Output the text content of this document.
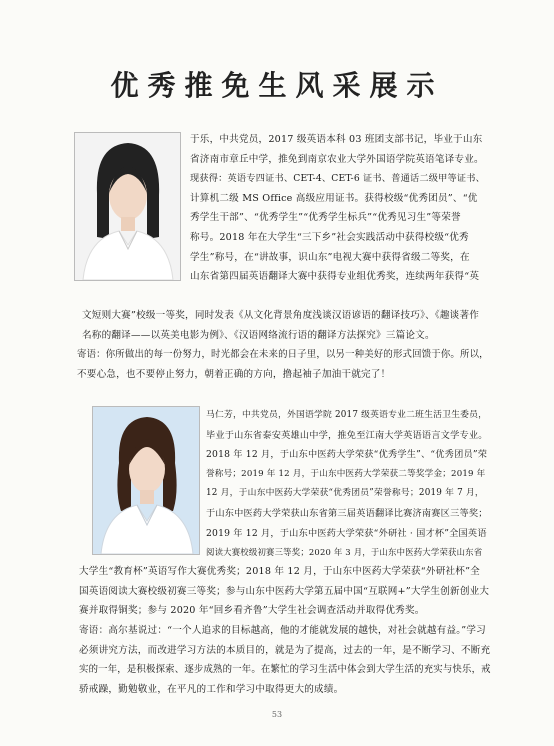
优秀推免生风采展示
于乐，中共党员，2017 级英语本科 03 班团支部书记，毕业于山东
省济南市章丘中学，推免到南京农业大学外国语学院英语笔译专业。
现获得：英语专四证书、CET-4、CET-6 证书、普通话二级甲等证书、
计算机二级 MS Office 高级应用证书。获得校级“优秀团员”、“优
秀学生干部”、“优秀学生”“优秀学生标兵”“优秀见习生”等荣誉
称号。2018 年在大学生“三下乡”社会实践活动中获得校级“优秀
学生”称号，在“讲故事，识山东”电视大赛中获得省级二等奖，在
山东省第四届英语翻译大赛中获得专业组优秀奖，连续两年获得“英
文短则大赛”校级一等奖，同时发表《从文化背景角度浅谈汉语谚语的翻译技巧》、《趣谈著作
名称的翻译——以英美电影为例》、《汉语网络流行语的翻译方法探究》三篇论文。
寄语：你所做出的每一份努力，时光都会在未来的日子里，以另一种美好的形式回馈于你。所以，
不要心急，也不要停止努力，朝着正确的方向，撸起袖子加油干就完了！
马仁芳，中共党员，外国语学院 2017 级英语专业二班生活卫生委员，
毕业于山东省泰安英雄山中学，推免至江南大学英语语言文学专业。
2018 年 12 月，于山东中医药大学荣获“优秀学生”、“优秀团员”荣
誉称号；2019 年 12 月，于山东中医药大学荣获二等奖学金；2019 年
12 月，于山东中医药大学荣获“优秀团员”荣誉称号；2019 年 7 月，
于山东中医药大学荣获山东省第三届英语翻译比赛济南赛区三等奖；
2019 年 12 月，于山东中医药大学荣获“外研社 · 国才杯”全国英语
阅读大赛校级初赛三等奖；2020 年 3 月，于山东中医药大学荣获山东省
大学生“教育杯”英语写作大赛优秀奖；2018 年 12 月，于山东中医药大学荣获“外研社杯”全
国英语阅读大赛校级初赛三等奖；参与山东中医药大学第五届中国“互联网+”大学生创新创业大
赛并取得铜奖；参与 2020 年“回乡看齐鲁”大学生社会调查活动并取得优秀奖。
寄语：高尔基说过：“一个人追求的目标越高，他的才能就发展的越快，对社会就越有益。”学习
必须讲究方法，而改进学习方法的本质目的，就是为了提高，过去的一年，是不断学习、不断充
实的一年，是积极探索、逐步成熟的一年。在繁忙的学习生活中体会到大学生活的充实与快乐，戒
骄戒躁，勤勉敬业，在平凡的工作和学习中取得更大的成绩。
53
